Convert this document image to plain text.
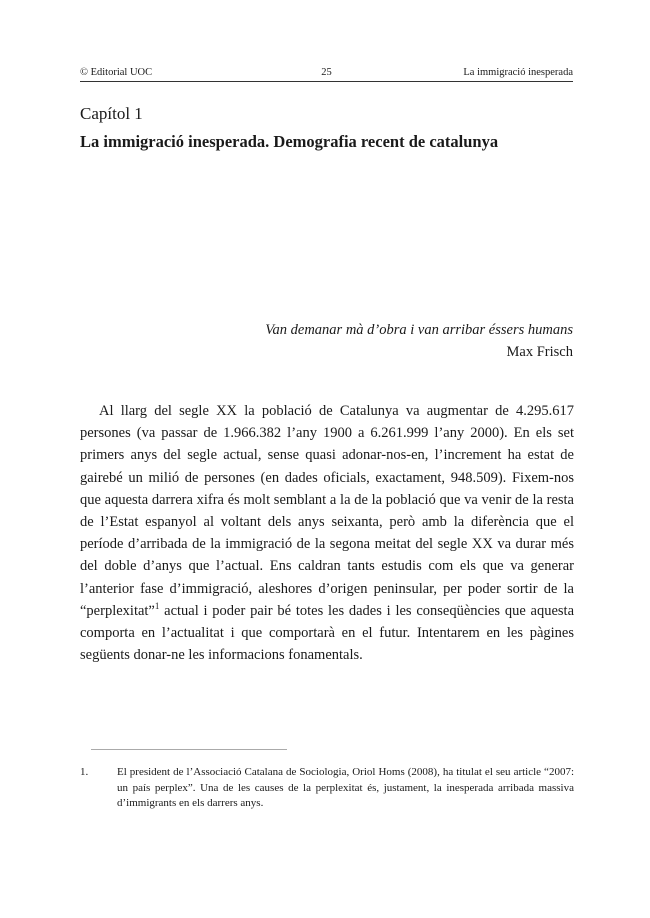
© Editorial UOC	25	La immigració inesperada
Capítol 1
La immigració inesperada. Demografia recent de catalunya
Van demanar mà d’obra i van arribar éssers humans
Max Frisch

Al llarg del segle XX la població de Catalunya va augmentar de 4.295.617 persones (va passar de 1.966.382 l’any 1900 a 6.261.999 l’any 2000). En els set primers anys del segle actual, sense quasi adonar-nos-en, l’increment ha estat de gairebé un milió de persones (en dades oficials, exactament, 948.509). Fixem-nos que aquesta darrera xifra és molt semblant a la de la població que va venir de la resta de l’Estat espanyol al voltant dels anys seixanta, però amb la diferència que el període d’arribada de la immigració de la segona meitat del segle XX va durar més del doble d’anys que l’actual. Ens caldran tants estudis com els que va generar l’anterior fase d’immigració, aleshores d’origen peninsular, per poder sortir de la “perplexitat”$^1$ actual i poder pair bé totes les dades i les conseqüències que aquesta comporta en l’actualitat i que comportarà en el futur. Intentarem en les pàgines següents donar-ne les informacions fonamentals.

1.	El president de l’Associació Catalana de Sociologia, Oriol Homs (2008), ha titulat el seu article “2007: un país perplex”. Una de les causes de la perplexitat és, justament, la inesperada arribada massiva d’immigrants en els darrers anys.
